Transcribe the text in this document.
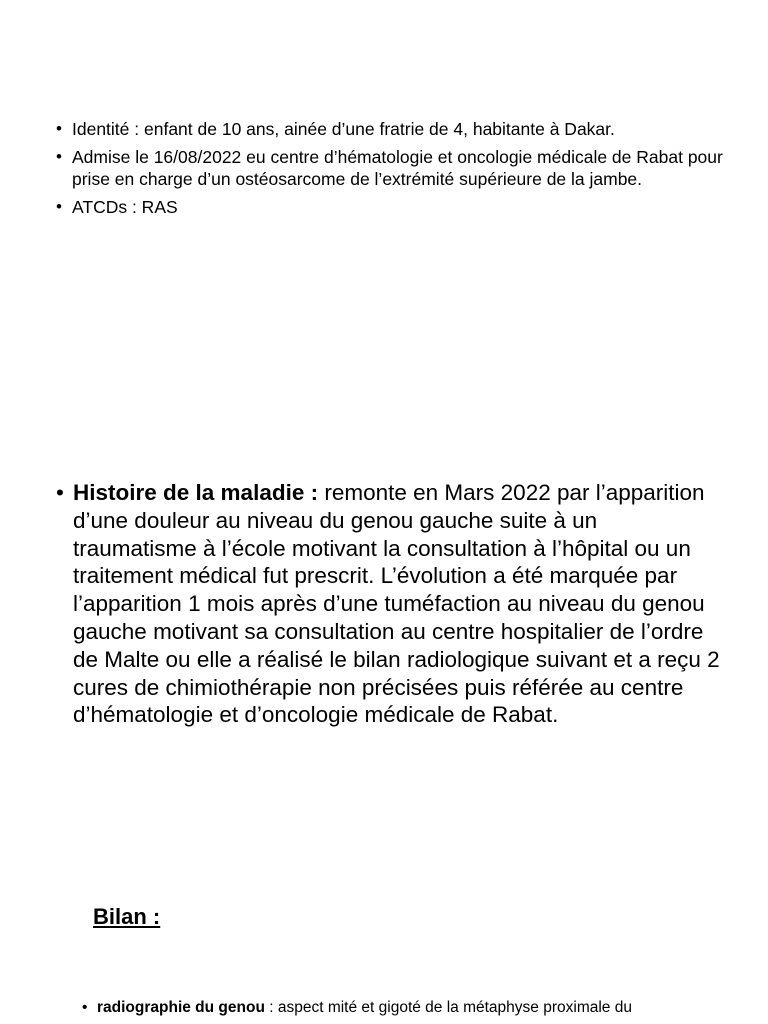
• Identité : enfant de 10 ans, ainée d’une fratrie de 4, habitante à Dakar.
• Admise le 16/08/2022 eu centre d’hématologie et oncologie médicale de Rabat pour prise en charge d’un ostéosarcome de l’extrémité supérieure de la jambe.
• ATCDs : RAS
• Histoire de la maladie : remonte en Mars 2022 par l’apparition d’une douleur au niveau du genou gauche suite à un traumatisme à l’école motivant la consultation à l’hôpital ou un traitement médical fut prescrit. L’évolution a été marquée par l’apparition 1 mois après d’une tuméfaction au niveau du genou gauche motivant sa consultation au centre hospitalier de l’ordre de Malte ou elle a réalisé le bilan radiologique suivant et a reçu 2 cures de chimiothérapie non précisées puis référée au centre d’hématologie et d’oncologie médicale de Rabat.
Bilan :
• radiographie du genou : aspect mité et gigoté de la métaphyse proximale du
